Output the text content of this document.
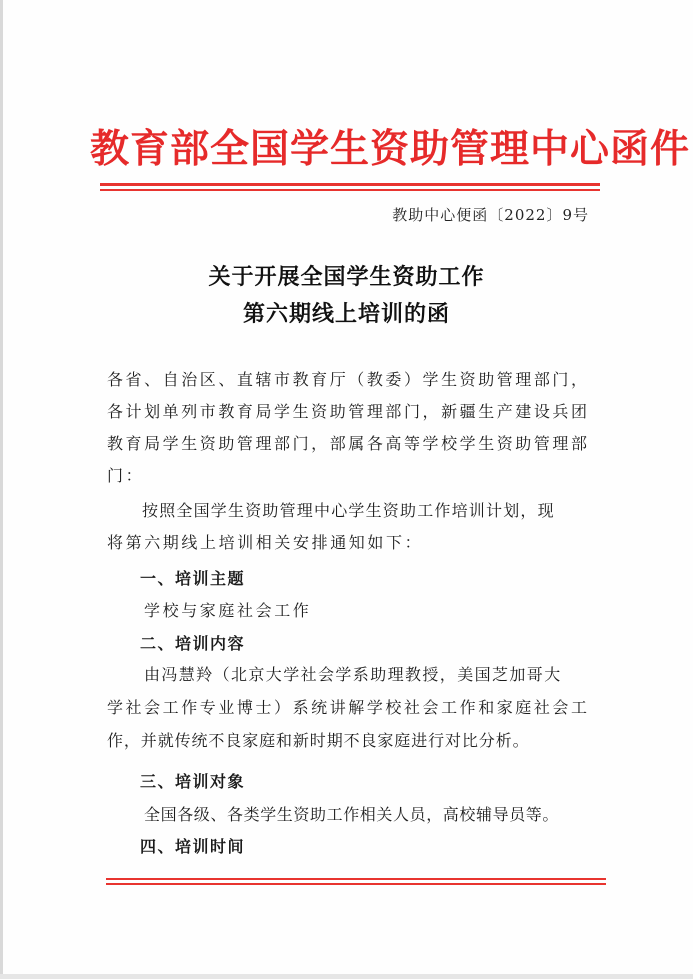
教育部全国学生资助管理中心函件
教助中心便函〔2022〕9号
关于开展全国学生资助工作
第六期线上培训的函
各省、自治区、直辖市教育厅（教委）学生资助管理部门，
各计划单列市教育局学生资助管理部门，新疆生产建设兵团
教育局学生资助管理部门，部属各高等学校学生资助管理部
门：
按照全国学生资助管理中心学生资助工作培训计划，现
将第六期线上培训相关安排通知如下：
一、培训主题
学校与家庭社会工作
二、培训内容
由冯慧羚（北京大学社会学系助理教授，美国芝加哥大
学社会工作专业博士）系统讲解学校社会工作和家庭社会工
作，并就传统不良家庭和新时期不良家庭进行对比分析。
三、培训对象
全国各级、各类学生资助工作相关人员，高校辅导员等。
四、培训时间
